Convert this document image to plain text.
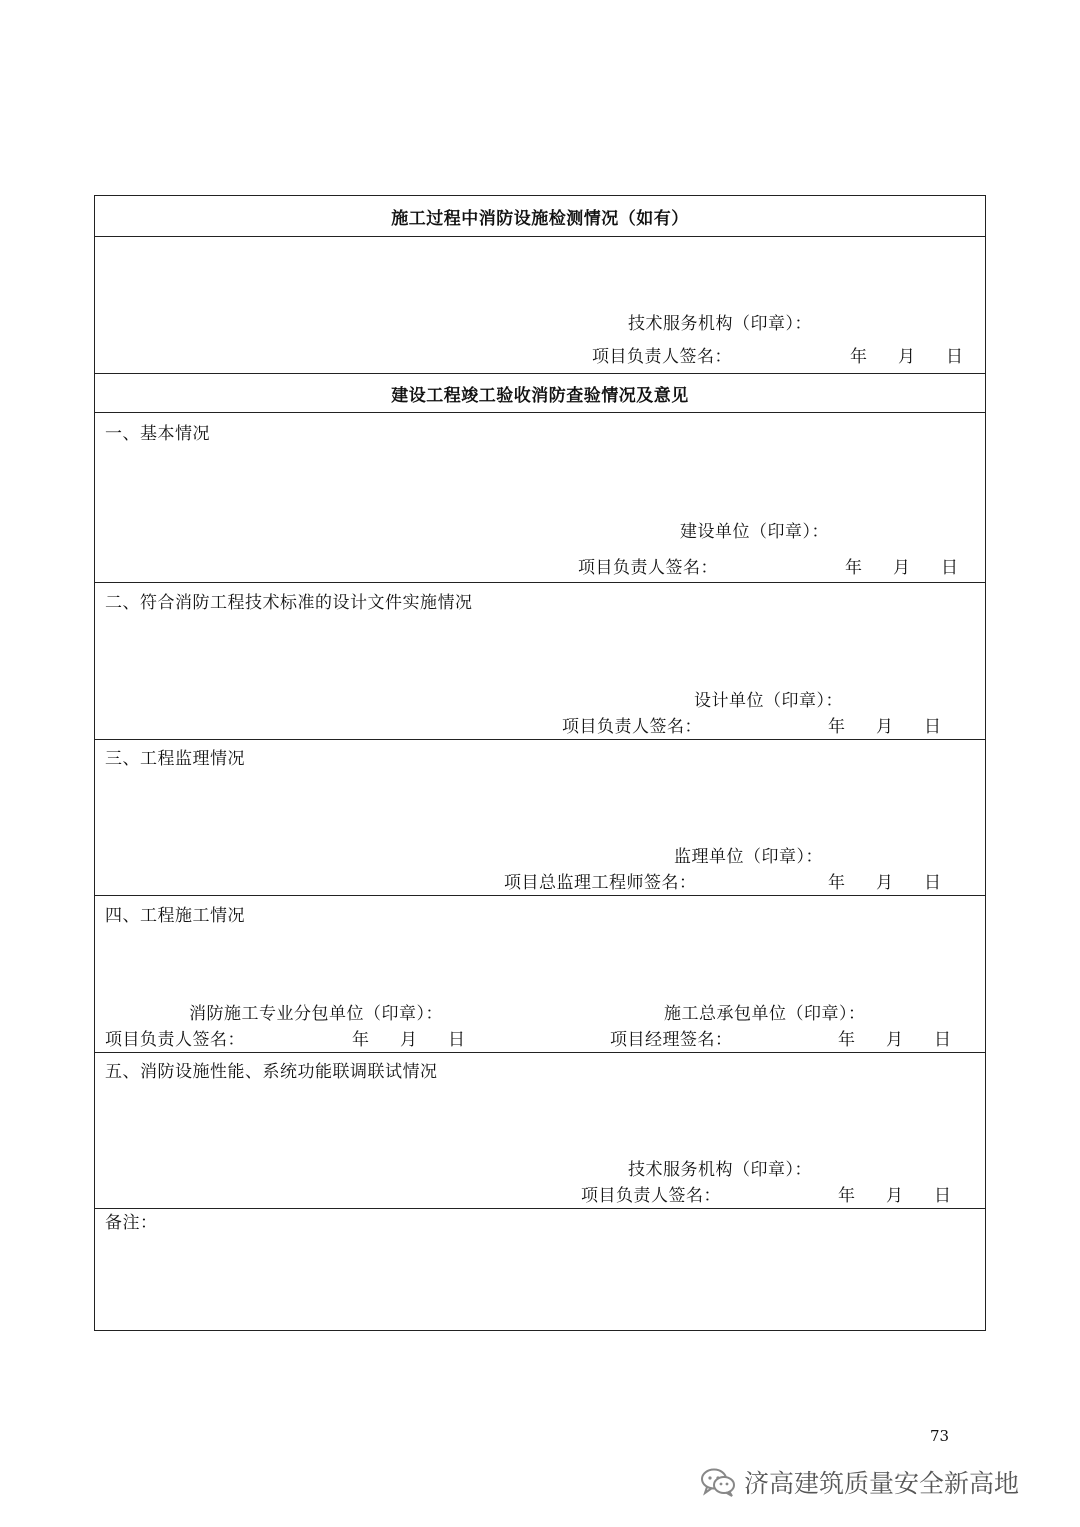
施工过程中消防设施检测情况（如有）
技术服务机构（印章）：
项目负责人签名：	年 月 日
建设工程竣工验收消防查验情况及意见
一、基本情况
建设单位（印章）：
项目负责人签名：	年 月 日
二、符合消防工程技术标准的设计文件实施情况
设计单位（印章）：
项目负责人签名：	年 月 日
三、工程监理情况
监理单位（印章）：
项目总监理工程师签名：	年 月 日
四、工程施工情况
消防施工专业分包单位（印章）：
项目负责人签名：	年 月 日
施工总承包单位（印章）：
项目经理签名：	年 月 日
五、消防设施性能、系统功能联调联试情况
技术服务机构（印章）：
项目负责人签名：	年 月 日
备注：
73
济高建筑质量安全新高地
